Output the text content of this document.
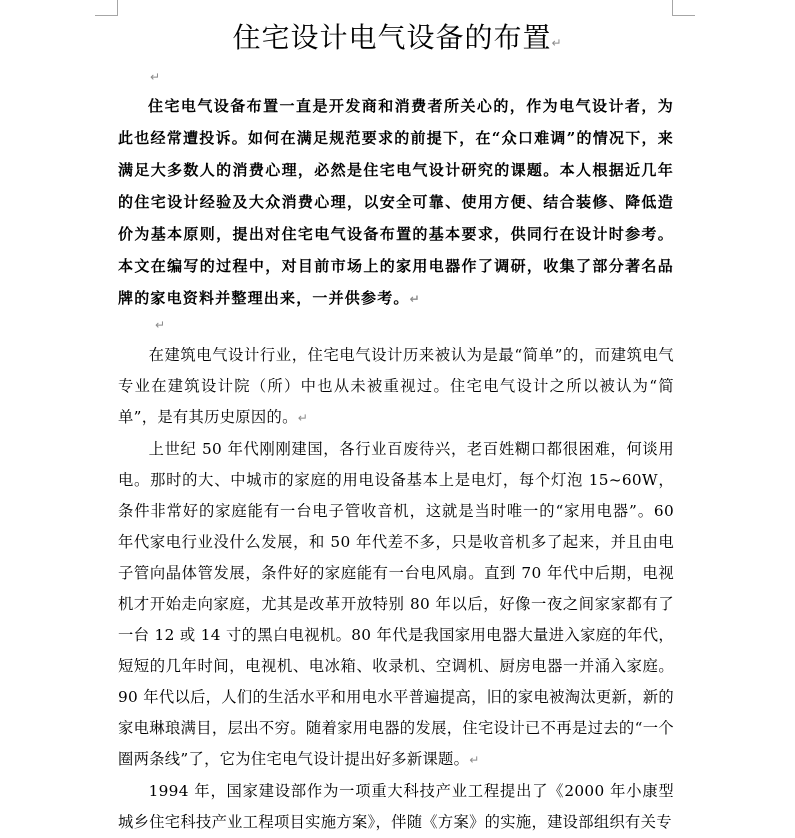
住宅设计电气设备的布置↵
↵

住宅电气设备布置一直是开发商和消费者所关心的，作为电气设计者，为此也经常遭投诉。如何在满足规范要求的前提下，在“众口难调”的情况下，来满足大多数人的消费心理，必然是住宅电气设计研究的课题。本人根据近几年的住宅设计经验及大众消费心理，以安全可靠、使用方便、结合装修、降低造价为基本原则，提出对住宅电气设备布置的基本要求，供同行在设计时参考。本文在编写的过程中，对目前市场上的家用电器作了调研，收集了部分著名品牌的家电资料并整理出来，一并供参考。↵

↵

在建筑电气设计行业，住宅电气设计历来被认为是最“简单”的，而建筑电气专业在建筑设计院（所）中也从未被重视过。住宅电气设计之所以被认为“简单”，是有其历史原因的。↵

上世纪 50 年代刚刚建国，各行业百废待兴，老百姓糊口都很困难，何谈用电。那时的大、中城市的家庭的用电设备基本上是电灯，每个灯泡 15~60W，条件非常好的家庭能有一台电子管收音机，这就是当时唯一的“家用电器”。60 年代家电行业没什么发展，和 50 年代差不多，只是收音机多了起来，并且由电子管向晶体管发展，条件好的家庭能有一台电风扇。直到 70 年代中后期，电视机才开始走向家庭，尤其是改革开放特别 80 年以后，好像一夜之间家家都有了一台 12 或 14 寸的黑白电视机。80 年代是我国家用电器大量进入家庭的年代，短短的几年时间，电视机、电冰箱、收录机、空调机、厨房电器一并涌入家庭。90 年代以后，人们的生活水平和用电水平普遍提高，旧的家电被淘汰更新，新的家电琳琅满目，层出不穷。随着家用电器的发展，住宅设计已不再是过去的“一个圈两条线”了，它为住宅电气设计提出好多新课题。↵

1994 年，国家建设部作为一项重大科技产业工程提出了《2000 年小康型城乡住宅科技产业工程项目实施方案》，伴随《方案》的实施，建设部组织有关专
